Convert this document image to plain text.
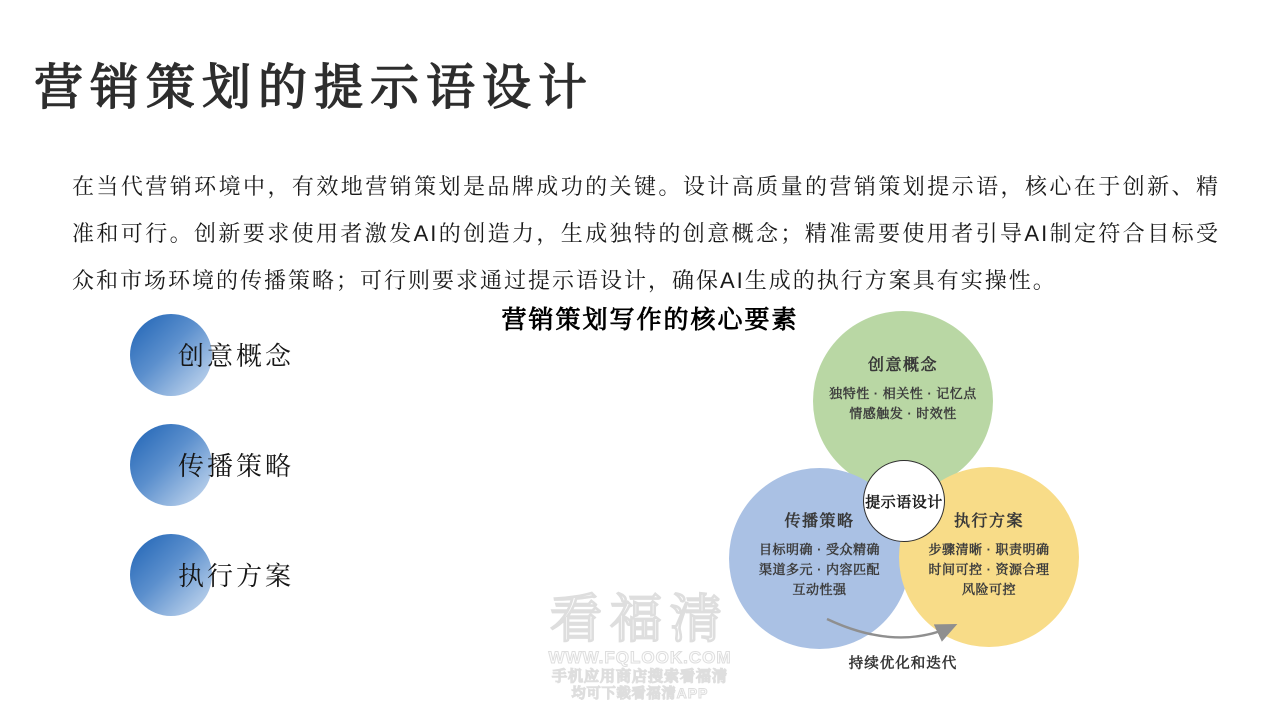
营销策划的提示语设计

在当代营销环境中，有效地营销策划是品牌成功的关键。设计高质量的营销策划提示语，核心在于创新、精准和可行。创新要求使用者激发AI的创造力，生成独特的创意概念；精准需要使用者引导AI制定符合目标受众和市场环境的传播策略；可行则要求通过提示语设计，确保AI生成的执行方案具有实操性。

创意概念
传播策略
执行方案
看福清
WWW.FQLOOK.COM
手机应用商店搜索看福清
均可下载看福清APP
营销策划写作的核心要素
创意概念
独特性 · 相关性 · 记忆点
情感触发 · 时效性
传播策略
目标明确 · 受众精确
渠道多元 · 内容匹配
互动性强
执行方案
步骤清晰 · 职责明确
时间可控 · 资源合理
风险可控
提示语设计
持续优化和迭代
